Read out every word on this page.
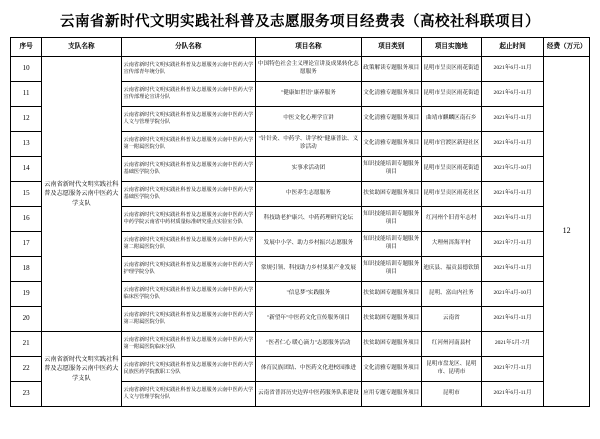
云南省新时代文明实践社科普及志愿服务项目经费表（高校社科联项目）
序号	支队名称	分队名称	项目名称	项目类别	项目实施地	起止时间	经费（万元）
10	云南省新时代文明实践社科普及志愿服务云南中医药大学支队	云南省新时代文明实践社科普及志愿服务云南中医药大学宣传部青年统分队	中国特色社会主义理论宣讲及成果转化志愿服务	政策解读专题服务项目	昆明市呈贡区雨花街道	2021年6月-11月	12
11		云南省新时代文明实践社科普及志愿服务云南中医药大学宣传部理论宣讲分队	"健康如世语"康养服务	文化清雅专题服务项目	昆明市呈贡区雨花街道	2021年6月-11月	
12		云南省新时代文明实践社科普及志愿服务云南中医药大学人文与管理学院分队	中医文化心理学宣讲	文化清雅专题服务项目	曲靖市麒麟区南石乡	2021年6月-11月	
13		云南省新时代文明实践社科普及志愿服务云南中医药大学第一附属医院分队	"针针灸、中药学、讲学校"健康普法、义诊活动	文化清雅专题服务项目	昆明市官渡区新迎社区	2021年6月-11月	
14		云南省新时代文明实践社科普及志愿服务云南中医药大学基础医学院分队	实事求活动团	知识技能培训专题服务项目	昆明市呈贡区雨花街道	2021年5月-10月	
15		云南省新时代文明实践社科普及志愿服务云南中医药大学基础医学院分队	中医养生志愿服务	扶贫助困专题服务项目	昆明市呈贡区雨花社区	2021年6月-11月	
16		云南省新时代文明实践社科普及志愿服务云南中医药大学中药学院云南省中药材质量标准研究重点实验室分队	科技助老护康兴、中药药理研究论坛	知识技能培训专题服务项目	红河州个旧青年志村	2021年6月-11月	
17		云南省新时代文明实践社科普及志愿服务云南中医药大学第二附属医院分队	发展中小学、助力乡村振兴志愿服务	知识技能培训专题服务项目	大理州洱海平村	2021年7月-11月	
18		云南省新时代文明实践社科普及志愿服务云南中医药大学护理学院分队	常规引领、科技助力乡村果果产业发展	知识技能培训专题服务项目	迪庆县、福贡县德钦镇	2021年6月-11月	
19		云南省新时代文明实践社科普及志愿服务云南中医药大学临床医学院分队	"信息梦"实践服务	扶贫助困专题服务项目	昆明、富山内社务	2021年4月-10月	
20		云南省新时代文明实践社科普及志愿服务云南中医药大学第三附属医院分队	"新望年"中医药文化宣传服务项目	扶贫助困专题服务项目	云南省	2021年6月-11月	
21	云南省新时代文明实践社科普及志愿服务云南中医药大学支队	云南省新时代文明实践社科普及志愿服务云南中医药大学第一附属医院临床分队	"医者仁心 暖心滴力"志愿服务活动	扶贫助困专题服务项目	红河州河南县村	2021年5月-7月	
22		云南省新时代文明实践社科普及志愿服务云南中医药大学民族医药学院教职工分队	体育民族团结、中医药文化进校园推进	文化清雅专题服务项目	昆明市盘龙区、昆明市、昆明市	2021年7月-11月	
23		云南省新时代文明实践社科普及志愿服务云南中医药大学人文与管理学院分队	云南省普洱历史边界中医药服务队系建设	应用专题专题服务项目	昆明市	2021年6月-11月	
